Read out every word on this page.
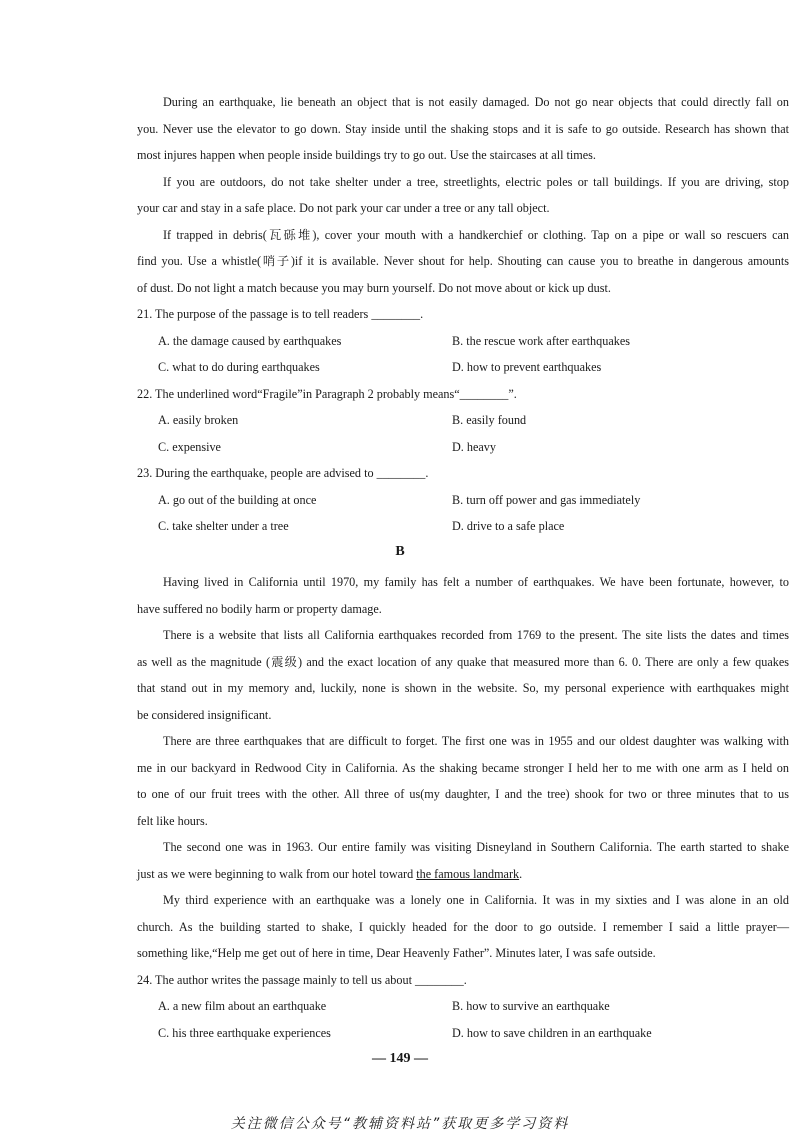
During an earthquake, lie beneath an object that is not easily damaged. Do not go near objects that could directly fall on
you. Never use the elevator to go down. Stay inside until the shaking stops and it is safe to go outside. Research has shown that
most injures happen when people inside buildings try to go out. Use the staircases at all times.
If you are outdoors, do not take shelter under a tree, streetlights, electric poles or tall buildings. If you are driving, stop
your car and stay in a safe place. Do not park your car under a tree or any tall object.
If trapped in debris(瓦砾堆), cover your mouth with a handkerchief or clothing. Tap on a pipe or wall so rescuers can
find you. Use a whistle(哨子)if it is available. Never shout for help. Shouting can cause you to breathe in dangerous amounts
of dust. Do not light a match because you may burn yourself. Do not move about or kick up dust.
21. The purpose of the passage is to tell readers ________.
A. the damage caused by earthquakes	B. the rescue work after earthquakes
C. what to do during earthquakes	D. how to prevent earthquakes
22. The underlined word“Fragile”in Paragraph 2 probably means“________”.
A. easily broken	B. easily found
C. expensive	D. heavy
23. During the earthquake, people are advised to ________.
A. go out of the building at once	B. turn off power and gas immediately
C. take shelter under a tree	D. drive to a safe place
B
Having lived in California until 1970, my family has felt a number of earthquakes. We have been fortunate, however, to
have suffered no bodily harm or property damage.
There is a website that lists all California earthquakes recorded from 1769 to the present. The site lists the dates and times
as well as the magnitude (震级) and the exact location of any quake that measured more than 6. 0. There are only a few quakes
that stand out in my memory and, luckily, none is shown in the website. So, my personal experience with earthquakes might
be considered insignificant.
There are three earthquakes that are difficult to forget. The first one was in 1955 and our oldest daughter was walking with
me in our backyard in Redwood City in California. As the shaking became stronger I held her to me with one arm as I held on
to one of our fruit trees with the other. All three of us(my daughter, I and the tree) shook for two or three minutes that to us
felt like hours.
The second one was in 1963. Our entire family was visiting Disneyland in Southern California. The earth started to shake
just as we were beginning to walk from our hotel toward the famous landmark.
My third experience with an earthquake was a lonely one in California. It was in my sixties and I was alone in an old
church. As the building started to shake, I quickly headed for the door to go outside. I remember I said a little prayer—
something like,“Help me get out of here in time, Dear Heavenly Father”. Minutes later, I was safe outside.
24. The author writes the passage mainly to tell us about ________.
A. a new film about an earthquake	B. how to survive an earthquake
C. his three earthquake experiences	D. how to save children in an earthquake
— 149 —
关注微信公众号“教辅资料站”获取更多学习资料
